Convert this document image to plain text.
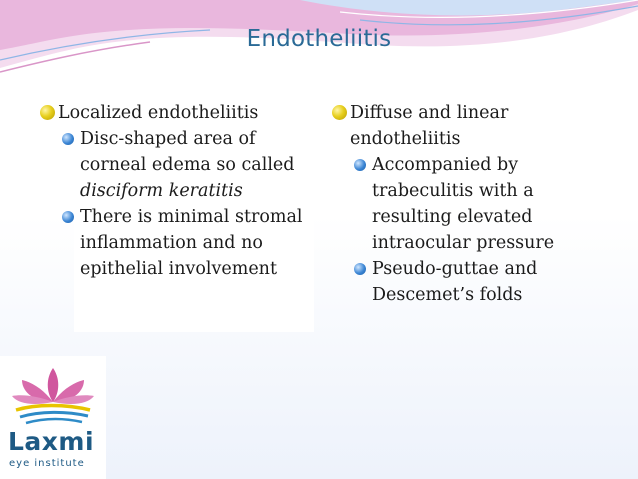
Endotheliitis
Localized endotheliitis
Disc-shaped area of corneal edema so called disciform keratitis
There is minimal stromal inflammation and no epithelial involvement
Diffuse and linear endotheliitis
Accompanied by trabeculitis with a resulting elevated intraocular pressure
Pseudo-guttae and Descemet’s folds
Laxmi
eye institute
